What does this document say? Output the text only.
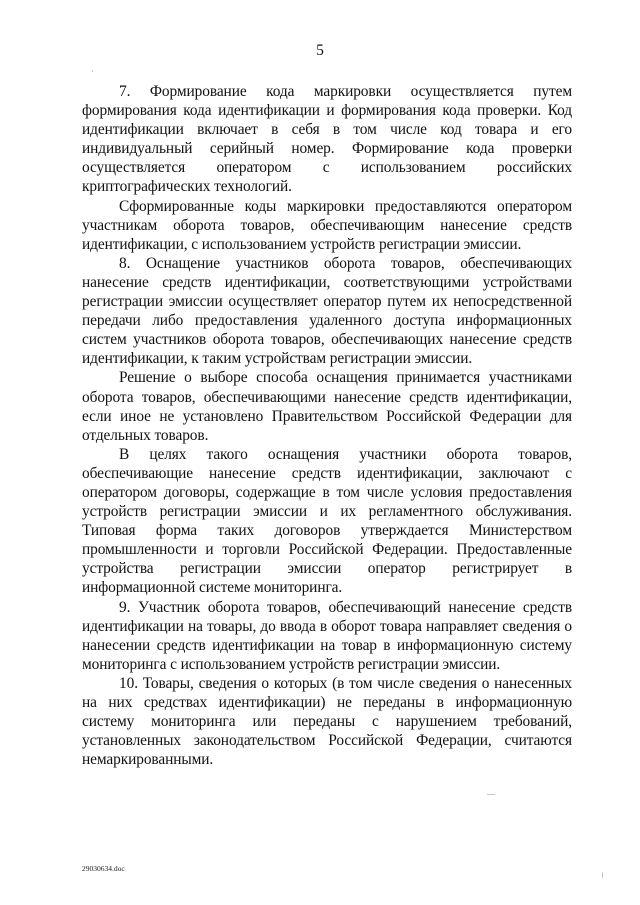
5

7. Формирование кода маркировки осуществляется путем формирования кода идентификации и формирования кода проверки. Код идентификации включает в себя в том числе код товара и его индивидуальный серийный номер. Формирование кода проверки осуществляется оператором с использованием российских криптографических технологий.

Сформированные коды маркировки предоставляются оператором участникам оборота товаров, обеспечивающим нанесение средств идентификации, с использованием устройств регистрации эмиссии.

8. Оснащение участников оборота товаров, обеспечивающих нанесение средств идентификации, соответствующими устройствами регистрации эмиссии осуществляет оператор путем их непосредственной передачи либо предоставления удаленного доступа информационных систем участников оборота товаров, обеспечивающих нанесение средств идентификации, к таким устройствам регистрации эмиссии.

Решение о выборе способа оснащения принимается участниками оборота товаров, обеспечивающими нанесение средств идентификации, если иное не установлено Правительством Российской Федерации для отдельных товаров.

В целях такого оснащения участники оборота товаров, обеспечивающие нанесение средств идентификации, заключают с оператором договоры, содержащие в том числе условия предоставления устройств регистрации эмиссии и их регламентного обслуживания. Типовая форма таких договоров утверждается Министерством промышленности и торговли Российской Федерации. Предоставленные устройства регистрации эмиссии оператор регистрирует в информационной системе мониторинга.

9. Участник оборота товаров, обеспечивающий нанесение средств идентификации на товары, до ввода в оборот товара направляет сведения о нанесении средств идентификации на товар в информационную систему мониторинга с использованием устройств регистрации эмиссии.

10. Товары, сведения о которых (в том числе сведения о нанесенных на них средствах идентификации) не переданы в информационную систему мониторинга или переданы с нарушением требований, установленных законодательством Российской Федерации, считаются немаркированными.

29030634.doc
